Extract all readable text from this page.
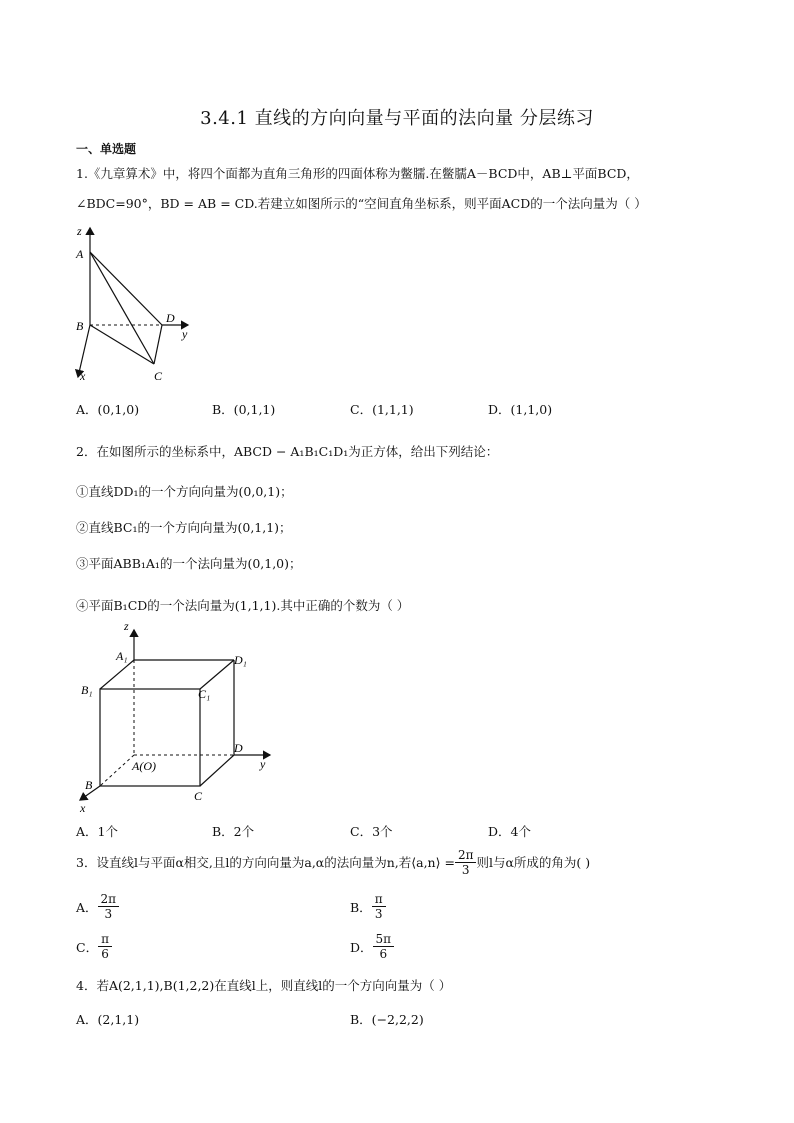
3.4.1 直线的方向向量与平面的法向量 分层练习
一、单选题
1.《九章算术》中，将四个面都为直角三角形的四面体称为鳖臑.在鳖臑A－BCD中，AB⊥平面BCD，
∠BDC=90°，BD = AB = CD.若建立如图所示的“空间直角坐标系，则平面ACD的一个法向量为（ ）
z
A
B
D
y
x	C
A．(0,1,0)	B．(0,1,1)	C．(1,1,1)	D．(1,1,0)
2．在如图所示的坐标系中，ABCD − A₁B₁C₁D₁为正方体，给出下列结论：
①直线DD₁的一个方向向量为(0,0,1)；
②直线BC₁的一个方向向量为(0,1,1)；
③平面ABB₁A₁的一个法向量为(0,1,0)；
④平面B₁CD的一个法向量为(1,1,1).其中正确的个数为（ ）
z
A₁	D₁
B₁	C₁
D
y
A(O)
B
C
x
A．1个	B．2个	C．3个	D．4个
3．设直线l与平面α相交,且l的方向向量为a,α的法向量为n,若⟨a,n⟩ = $\frac{2\pi}{3}$ 则l与α所成的角为( )
A． $\frac{2\pi}{3}$	B． $\frac{\pi}{3}$
C． $\frac{\pi}{6}$	D． $\frac{5\pi}{6}$
4．若A(2,1,1),B(1,2,2)在直线l上，则直线l的一个方向向量为（ ）
A．(2,1,1)	B．(−2,2,2)
